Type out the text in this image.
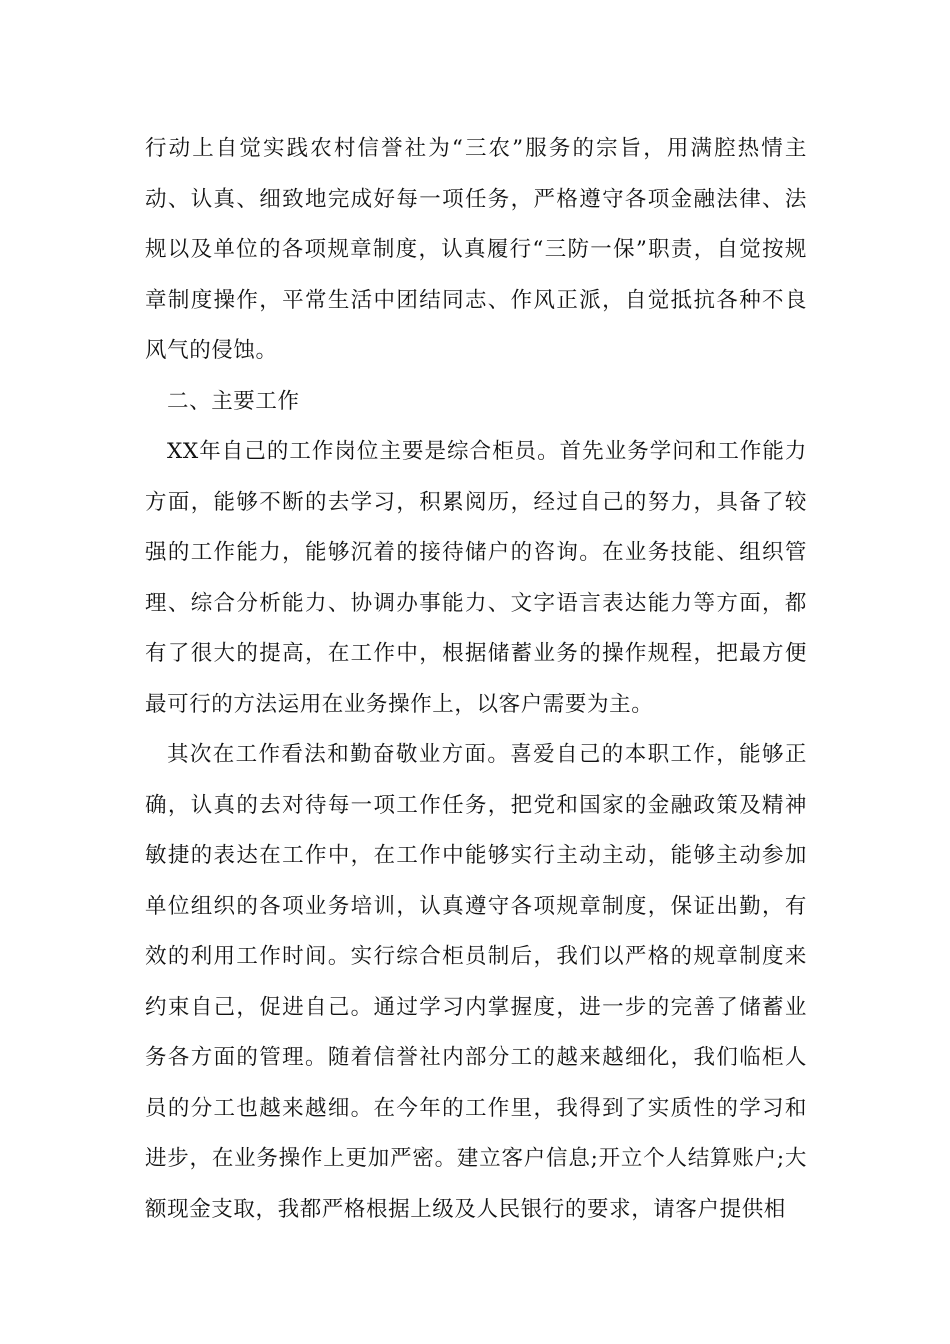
行动上自觉实践农村信誉社为“三农”服务的宗旨，用满腔热情主动、认真、细致地完成好每一项任务，严格遵守各项金融法律、法规以及单位的各项规章制度，认真履行“三防一保”职责，自觉按规章制度操作，平常生活中团结同志、作风正派，自觉抵抗各种不良风气的侵蚀。

二、主要工作

XX年自己的工作岗位主要是综合柜员。首先业务学问和工作能力方面，能够不断的去学习，积累阅历，经过自己的努力，具备了较强的工作能力，能够沉着的接待储户的咨询。在业务技能、组织管理、综合分析能力、协调办事能力、文字语言表达能力等方面，都有了很大的提高，在工作中，根据储蓄业务的操作规程，把最方便最可行的方法运用在业务操作上，以客户需要为主。

其次在工作看法和勤奋敬业方面。喜爱自己的本职工作，能够正确，认真的去对待每一项工作任务，把党和国家的金融政策及精神敏捷的表达在工作中，在工作中能够实行主动主动，能够主动参加单位组织的各项业务培训，认真遵守各项规章制度，保证出勤，有效的利用工作时间。实行综合柜员制后，我们以严格的规章制度来约束自己，促进自己。通过学习内掌握度，进一步的完善了储蓄业务各方面的管理。随着信誉社内部分工的越来越细化，我们临柜人员的分工也越来越细。在今年的工作里，我得到了实质性的学习和进步，在业务操作上更加严密。建立客户信息;开立个人结算账户;大额现金支取，我都严格根据上级及人民银行的要求，请客户提供相
